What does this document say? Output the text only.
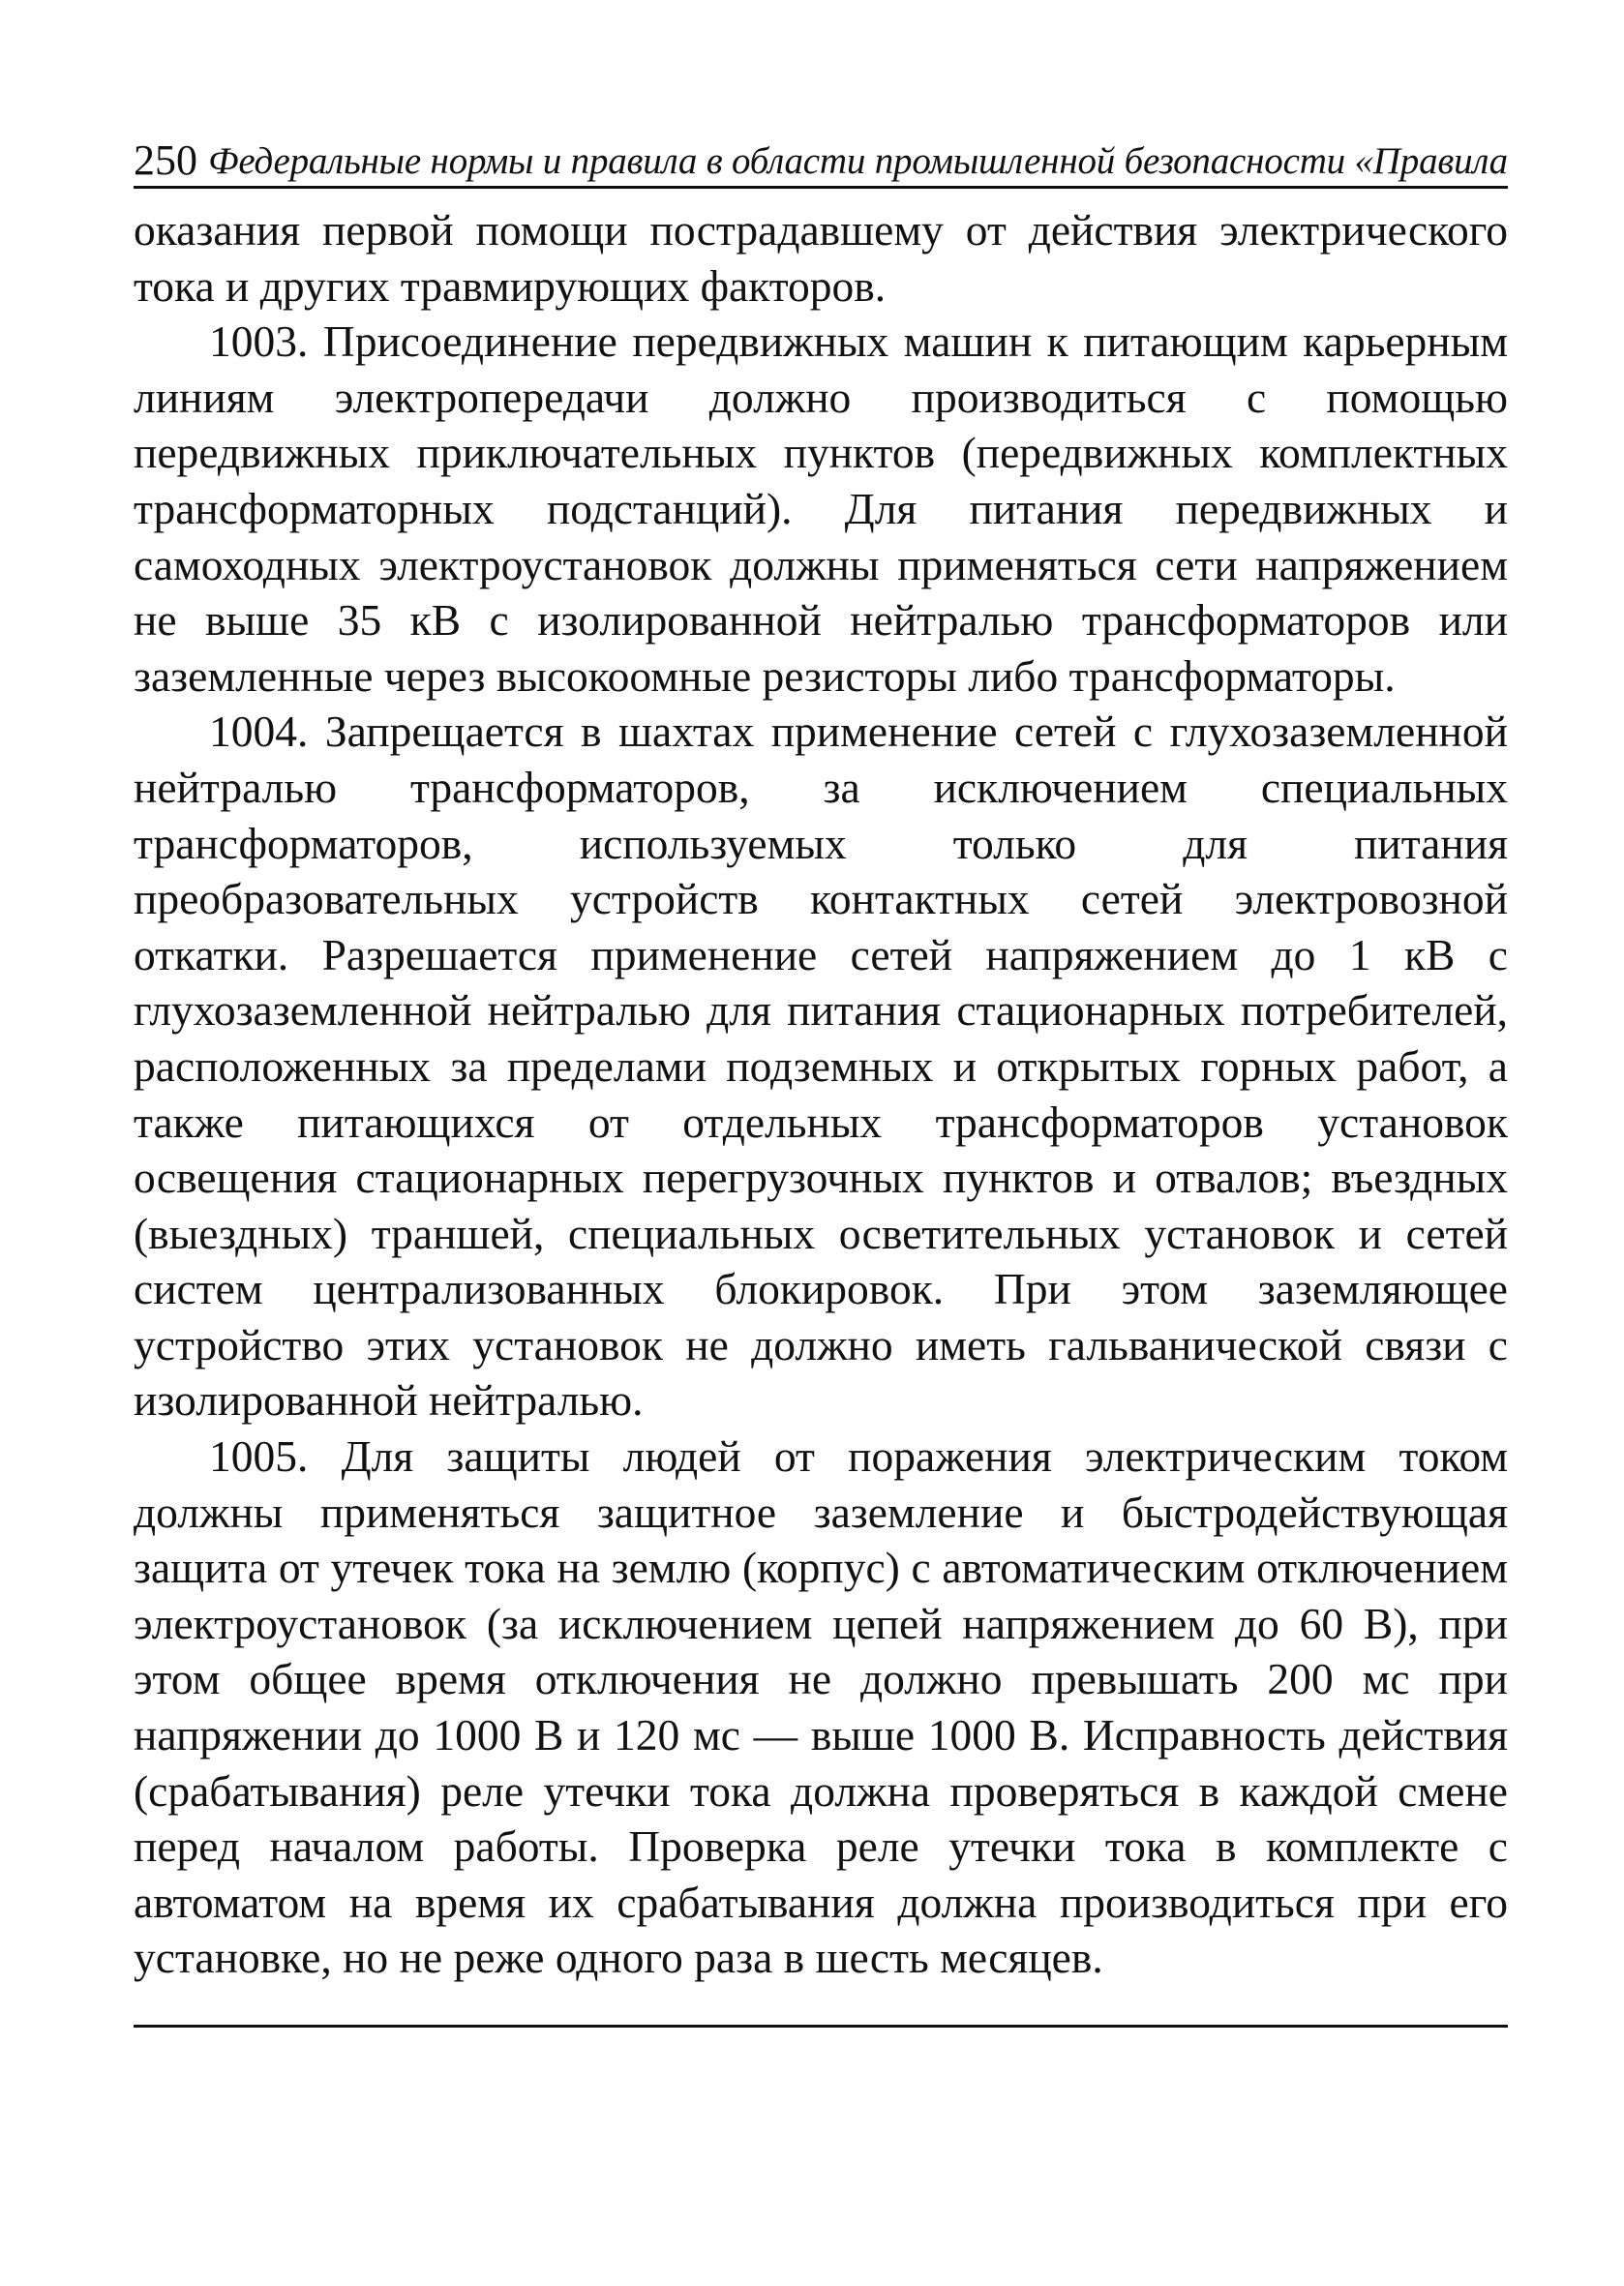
250 Федеральные нормы и правила в области промышленной безопасности «Правила

оказания первой помощи пострадавшему от действия электрического тока и других травмирующих факторов.

1003. Присоединение передвижных машин к питающим карьерным линиям электропередачи должно производиться с помощью передвижных приключательных пунктов (передвижных комплектных трансформаторных подстанций). Для питания передвижных и самоходных электроустановок должны применяться сети напряжением не выше 35 кВ с изолированной нейтралью трансформаторов или заземленные через высокоомные резисторы либо трансформаторы.

1004. Запрещается в шахтах применение сетей с глухозаземленной нейтралью трансформаторов, за исключением специальных трансформаторов, используемых только для питания преобразовательных устройств контактных сетей электровозной откатки. Разрешается применение сетей напряжением до 1 кВ с глухозаземленной нейтралью для питания стационарных потребителей, расположенных за пределами подземных и открытых горных работ, а также питающихся от отдельных трансформаторов установок освещения стационарных перегрузочных пунктов и отвалов; въездных (выездных) траншей, специальных осветительных установок и сетей систем централизованных блокировок. При этом заземляющее устройство этих установок не должно иметь гальванической связи с изолированной нейтралью.

1005. Для защиты людей от поражения электрическим током должны применяться защитное заземление и быстродействующая защита от утечек тока на землю (корпус) с автоматическим отключением электроустановок (за исключением цепей напряжением до 60 В), при этом общее время отключения не должно превышать 200 мс при напряжении до 1000 В и 120 мс — выше 1000 В. Исправность действия (срабатывания) реле утечки тока должна проверяться в каждой смене перед началом работы. Проверка реле утечки тока в комплекте с автоматом на время их срабатывания должна производиться при его установке, но не реже одного раза в шесть месяцев.
